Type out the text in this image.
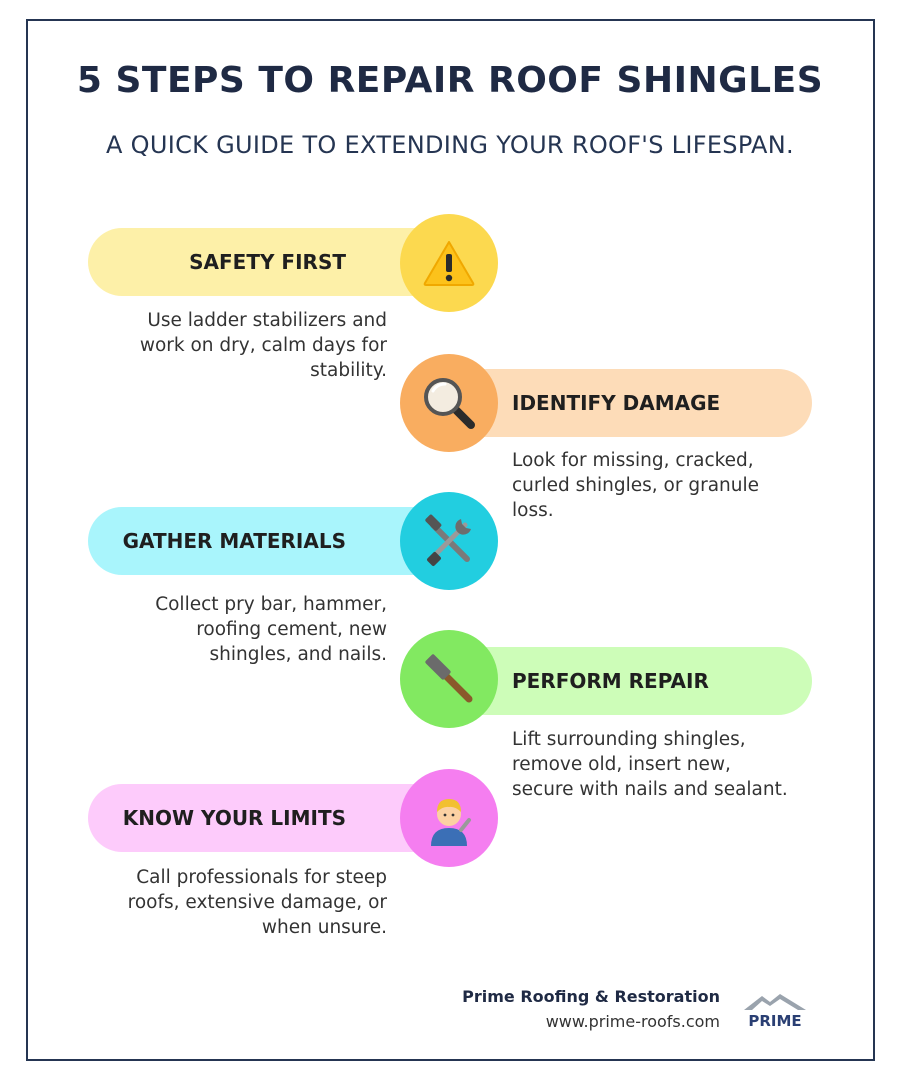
5 STEPS TO REPAIR ROOF SHINGLES
A QUICK GUIDE TO EXTENDING YOUR ROOF'S LIFESPAN.
SAFETY FIRST
Use ladder stabilizers and
work on dry, calm days for
stability.
IDENTIFY DAMAGE
Look for missing, cracked,
curled shingles, or granule
loss.
GATHER MATERIALS
Collect pry bar, hammer,
roofing cement, new
shingles, and nails.
PERFORM REPAIR
Lift surrounding shingles,
remove old, insert new,
secure with nails and sealant.
KNOW YOUR LIMITS
Call professionals for steep
roofs, extensive damage, or
when unsure.
Prime Roofing & Restoration
www.prime-roofs.com PRIME
